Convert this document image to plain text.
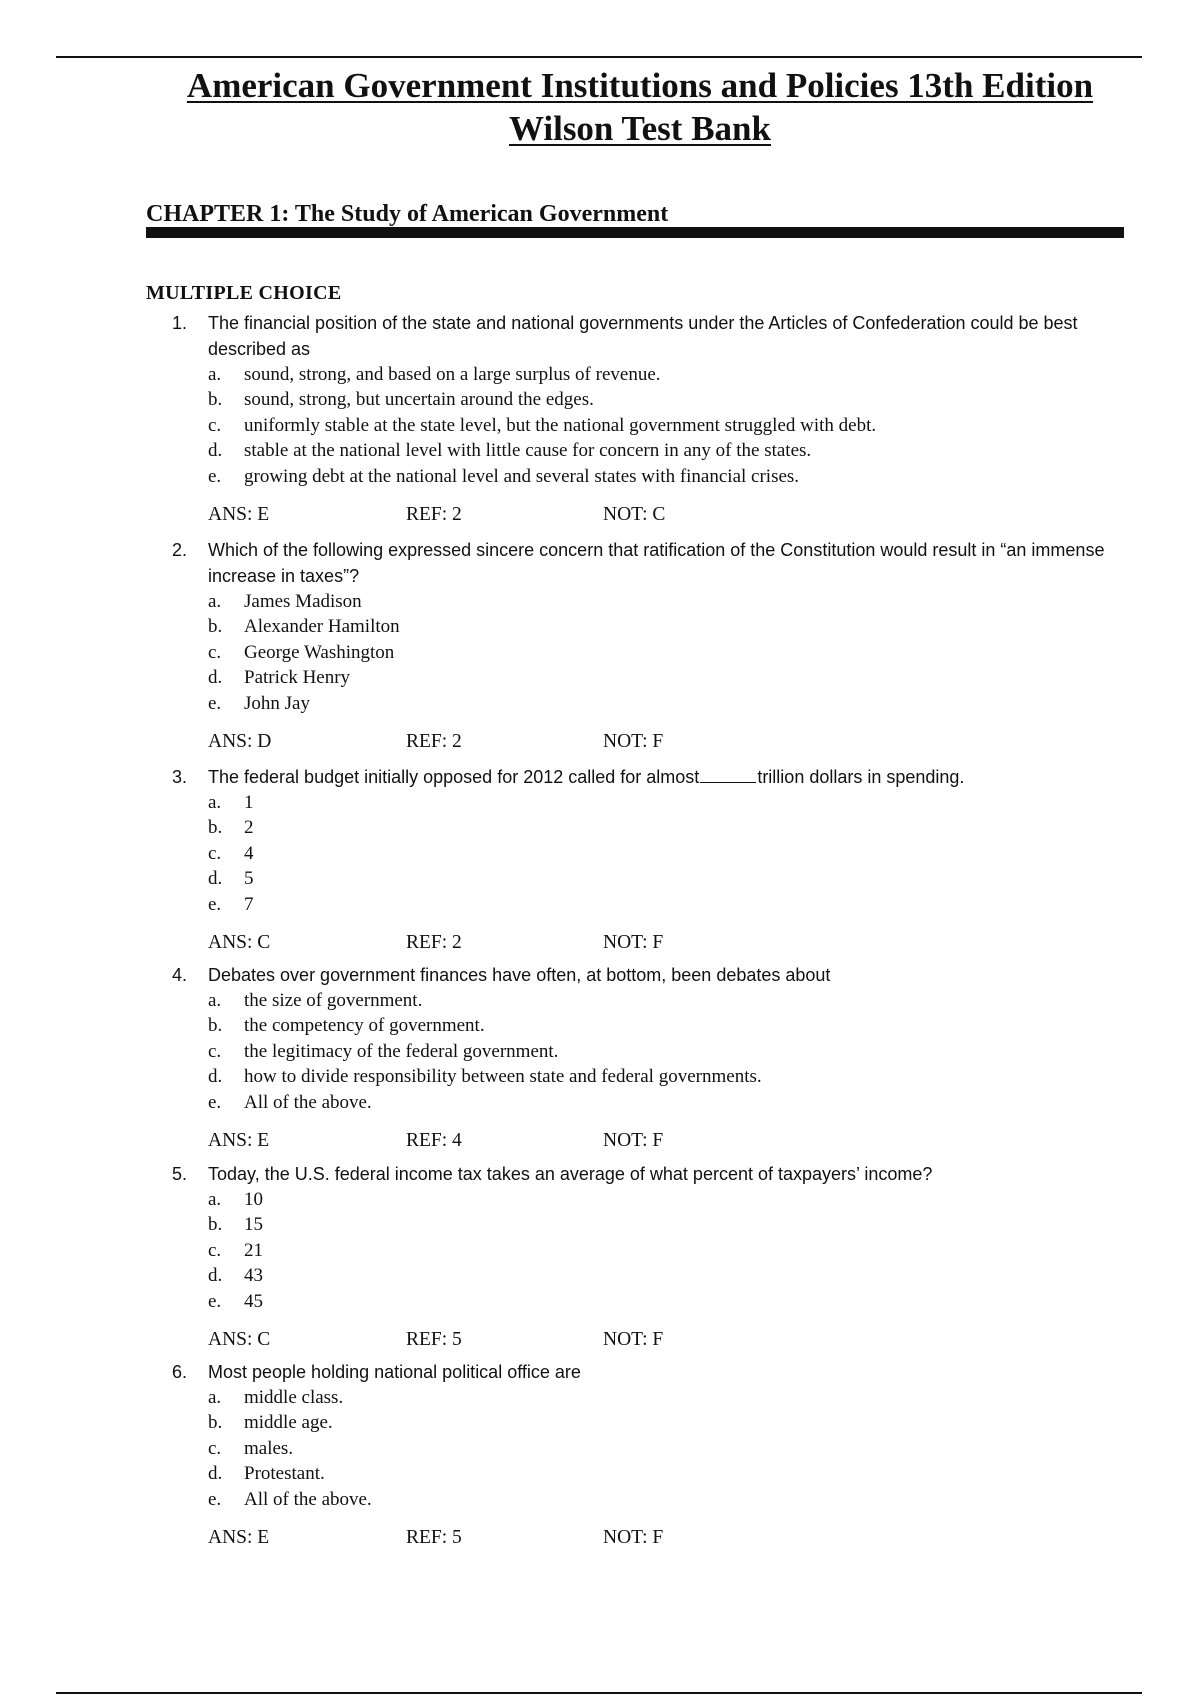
American Government Institutions and Policies 13th Edition
Wilson Test Bank
CHAPTER 1: The Study of American Government
MULTIPLE CHOICE
1. The financial position of the state and national governments under the Articles of Confederation could be best described as
a.	sound, strong, and based on a large surplus of revenue.
b.	sound, strong, but uncertain around the edges.
c.	uniformly stable at the state level, but the national government struggled with debt.
d.	stable at the national level with little cause for concern in any of the states.
e.	growing debt at the national level and several states with financial crises.
ANS: E	REF: 2	NOT: C
2. Which of the following expressed sincere concern that ratification of the Constitution would result in “an immense increase in taxes”?
a.	James Madison
b.	Alexander Hamilton
c.	George Washington
d.	Patrick Henry
e.	John Jay
ANS: D	REF: 2	NOT: F
3. The federal budget initially opposed for 2012 called for almost	trillion dollars in spending.
a.	1
b.	2
c.	4
d.	5
e.	7
ANS: C	REF: 2	NOT: F
4. Debates over government finances have often, at bottom, been debates about
a.	the size of government.
b.	the competency of government.
c.	the legitimacy of the federal government.
d.	how to divide responsibility between state and federal governments.
e.	All of the above.
ANS: E	REF: 4	NOT: F
5. Today, the U.S. federal income tax takes an average of what percent of taxpayers’ income?
a.	10
b.	15
c.	21
d.	43
e.	45
ANS: C	REF: 5	NOT: F
6. Most people holding national political office are
a.	middle class.
b.	middle age.
c.	males.
d.	Protestant.
e.	All of the above.
ANS: E	REF: 5	NOT: F
